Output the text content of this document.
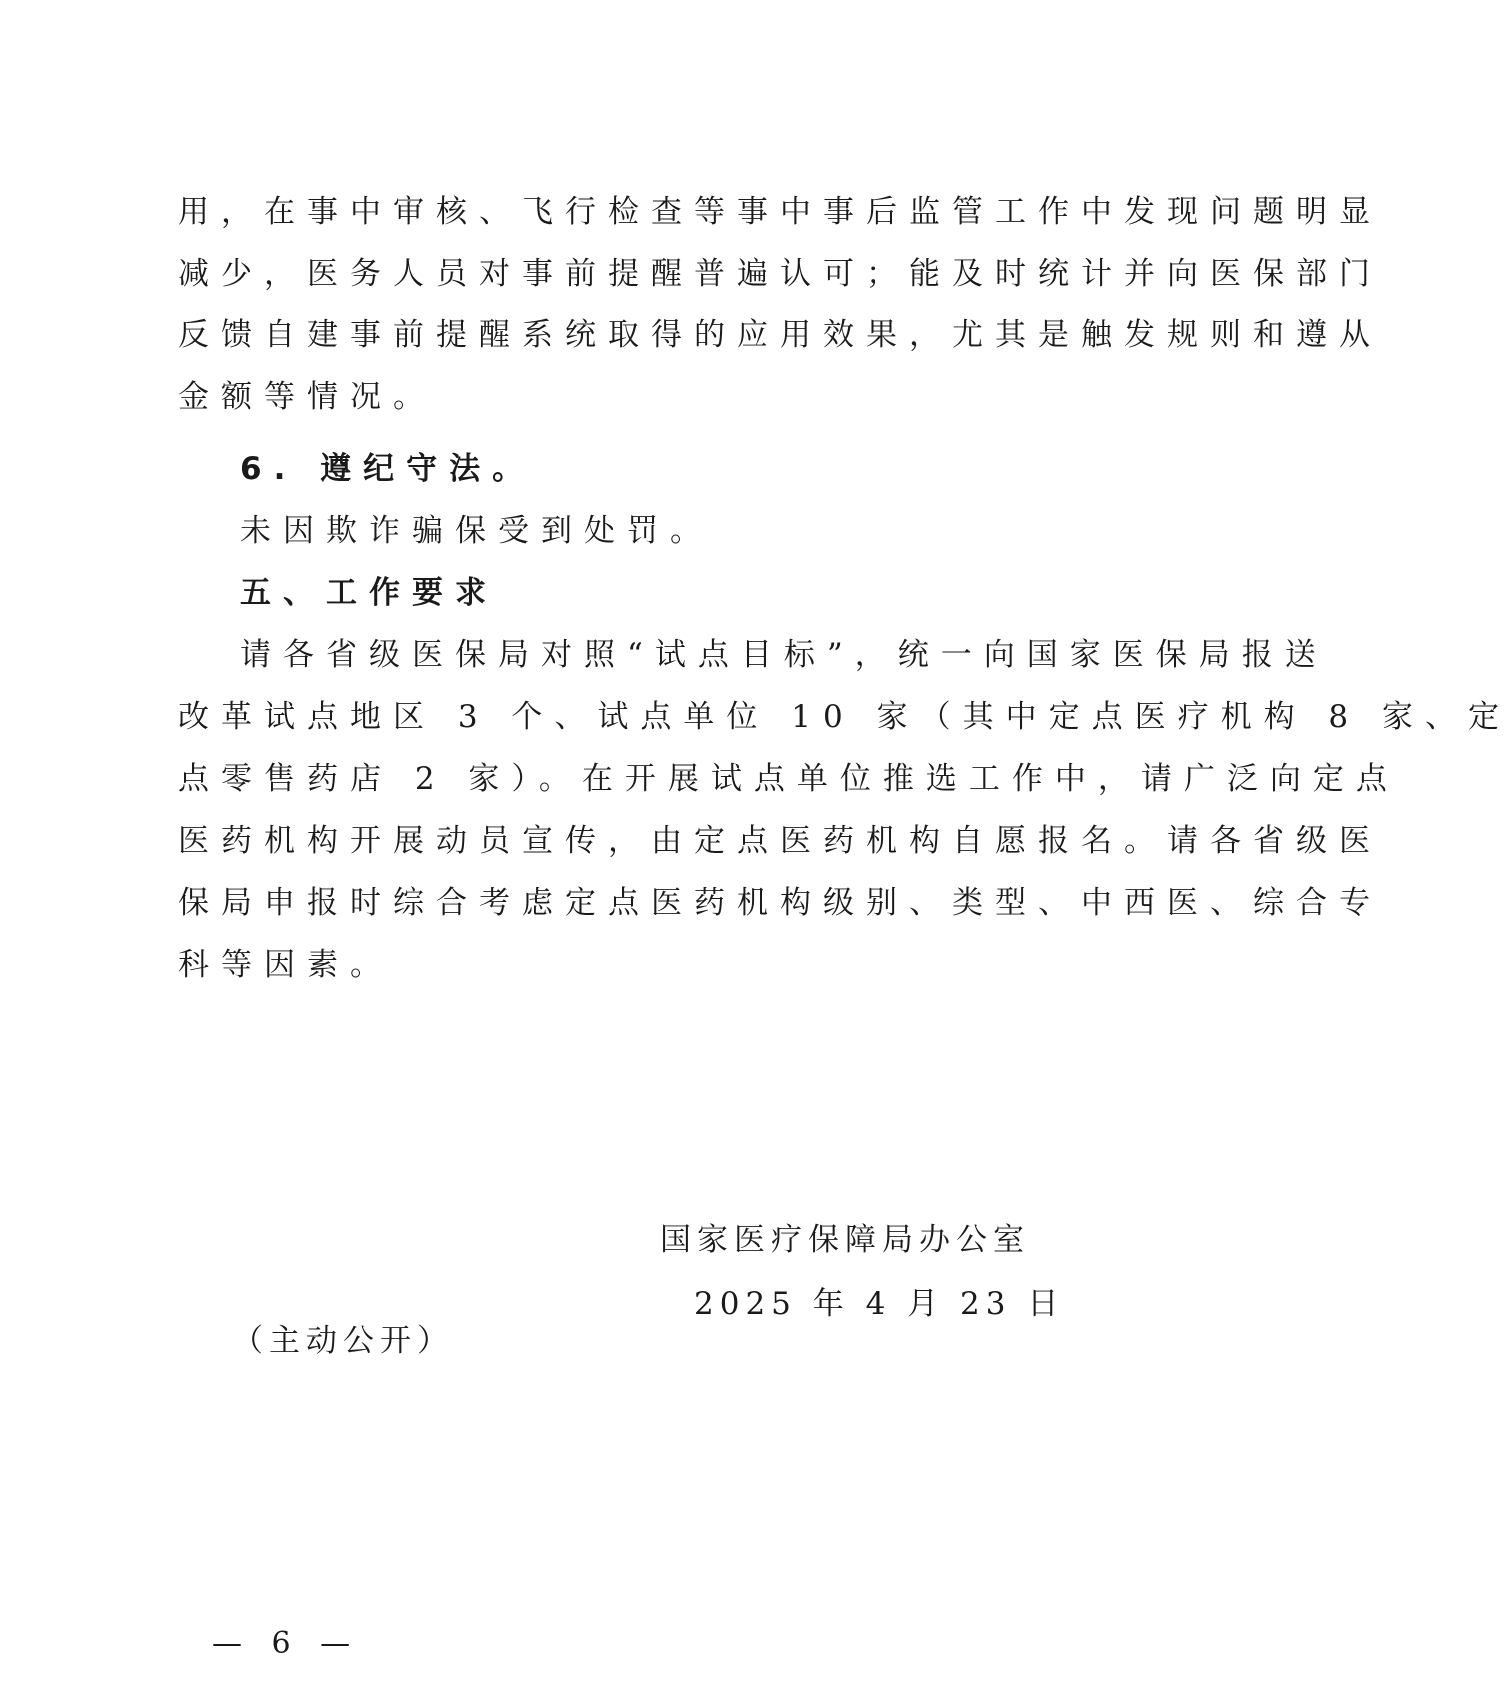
用，在事中审核、飞行检查等事中事后监管工作中发现问题明显
减少，医务人员对事前提醒普遍认可；能及时统计并向医保部门
反馈自建事前提醒系统取得的应用效果，尤其是触发规则和遵从
金额等情况。
6. 遵纪守法。
未因欺诈骗保受到处罚。
五、工作要求
请各省级医保局对照“试点目标”，统一向国家医保局报送
改革试点地区 3 个、试点单位 10 家（其中定点医疗机构 8 家、定
点零售药店 2 家）。在开展试点单位推选工作中，请广泛向定点
医药机构开展动员宣传，由定点医药机构自愿报名。请各省级医
保局申报时综合考虑定点医药机构级别、类型、中西医、综合专
科等因素。
国家医疗保障局办公室
2025 年 4 月 23 日
（主动公开）
— 6 —
